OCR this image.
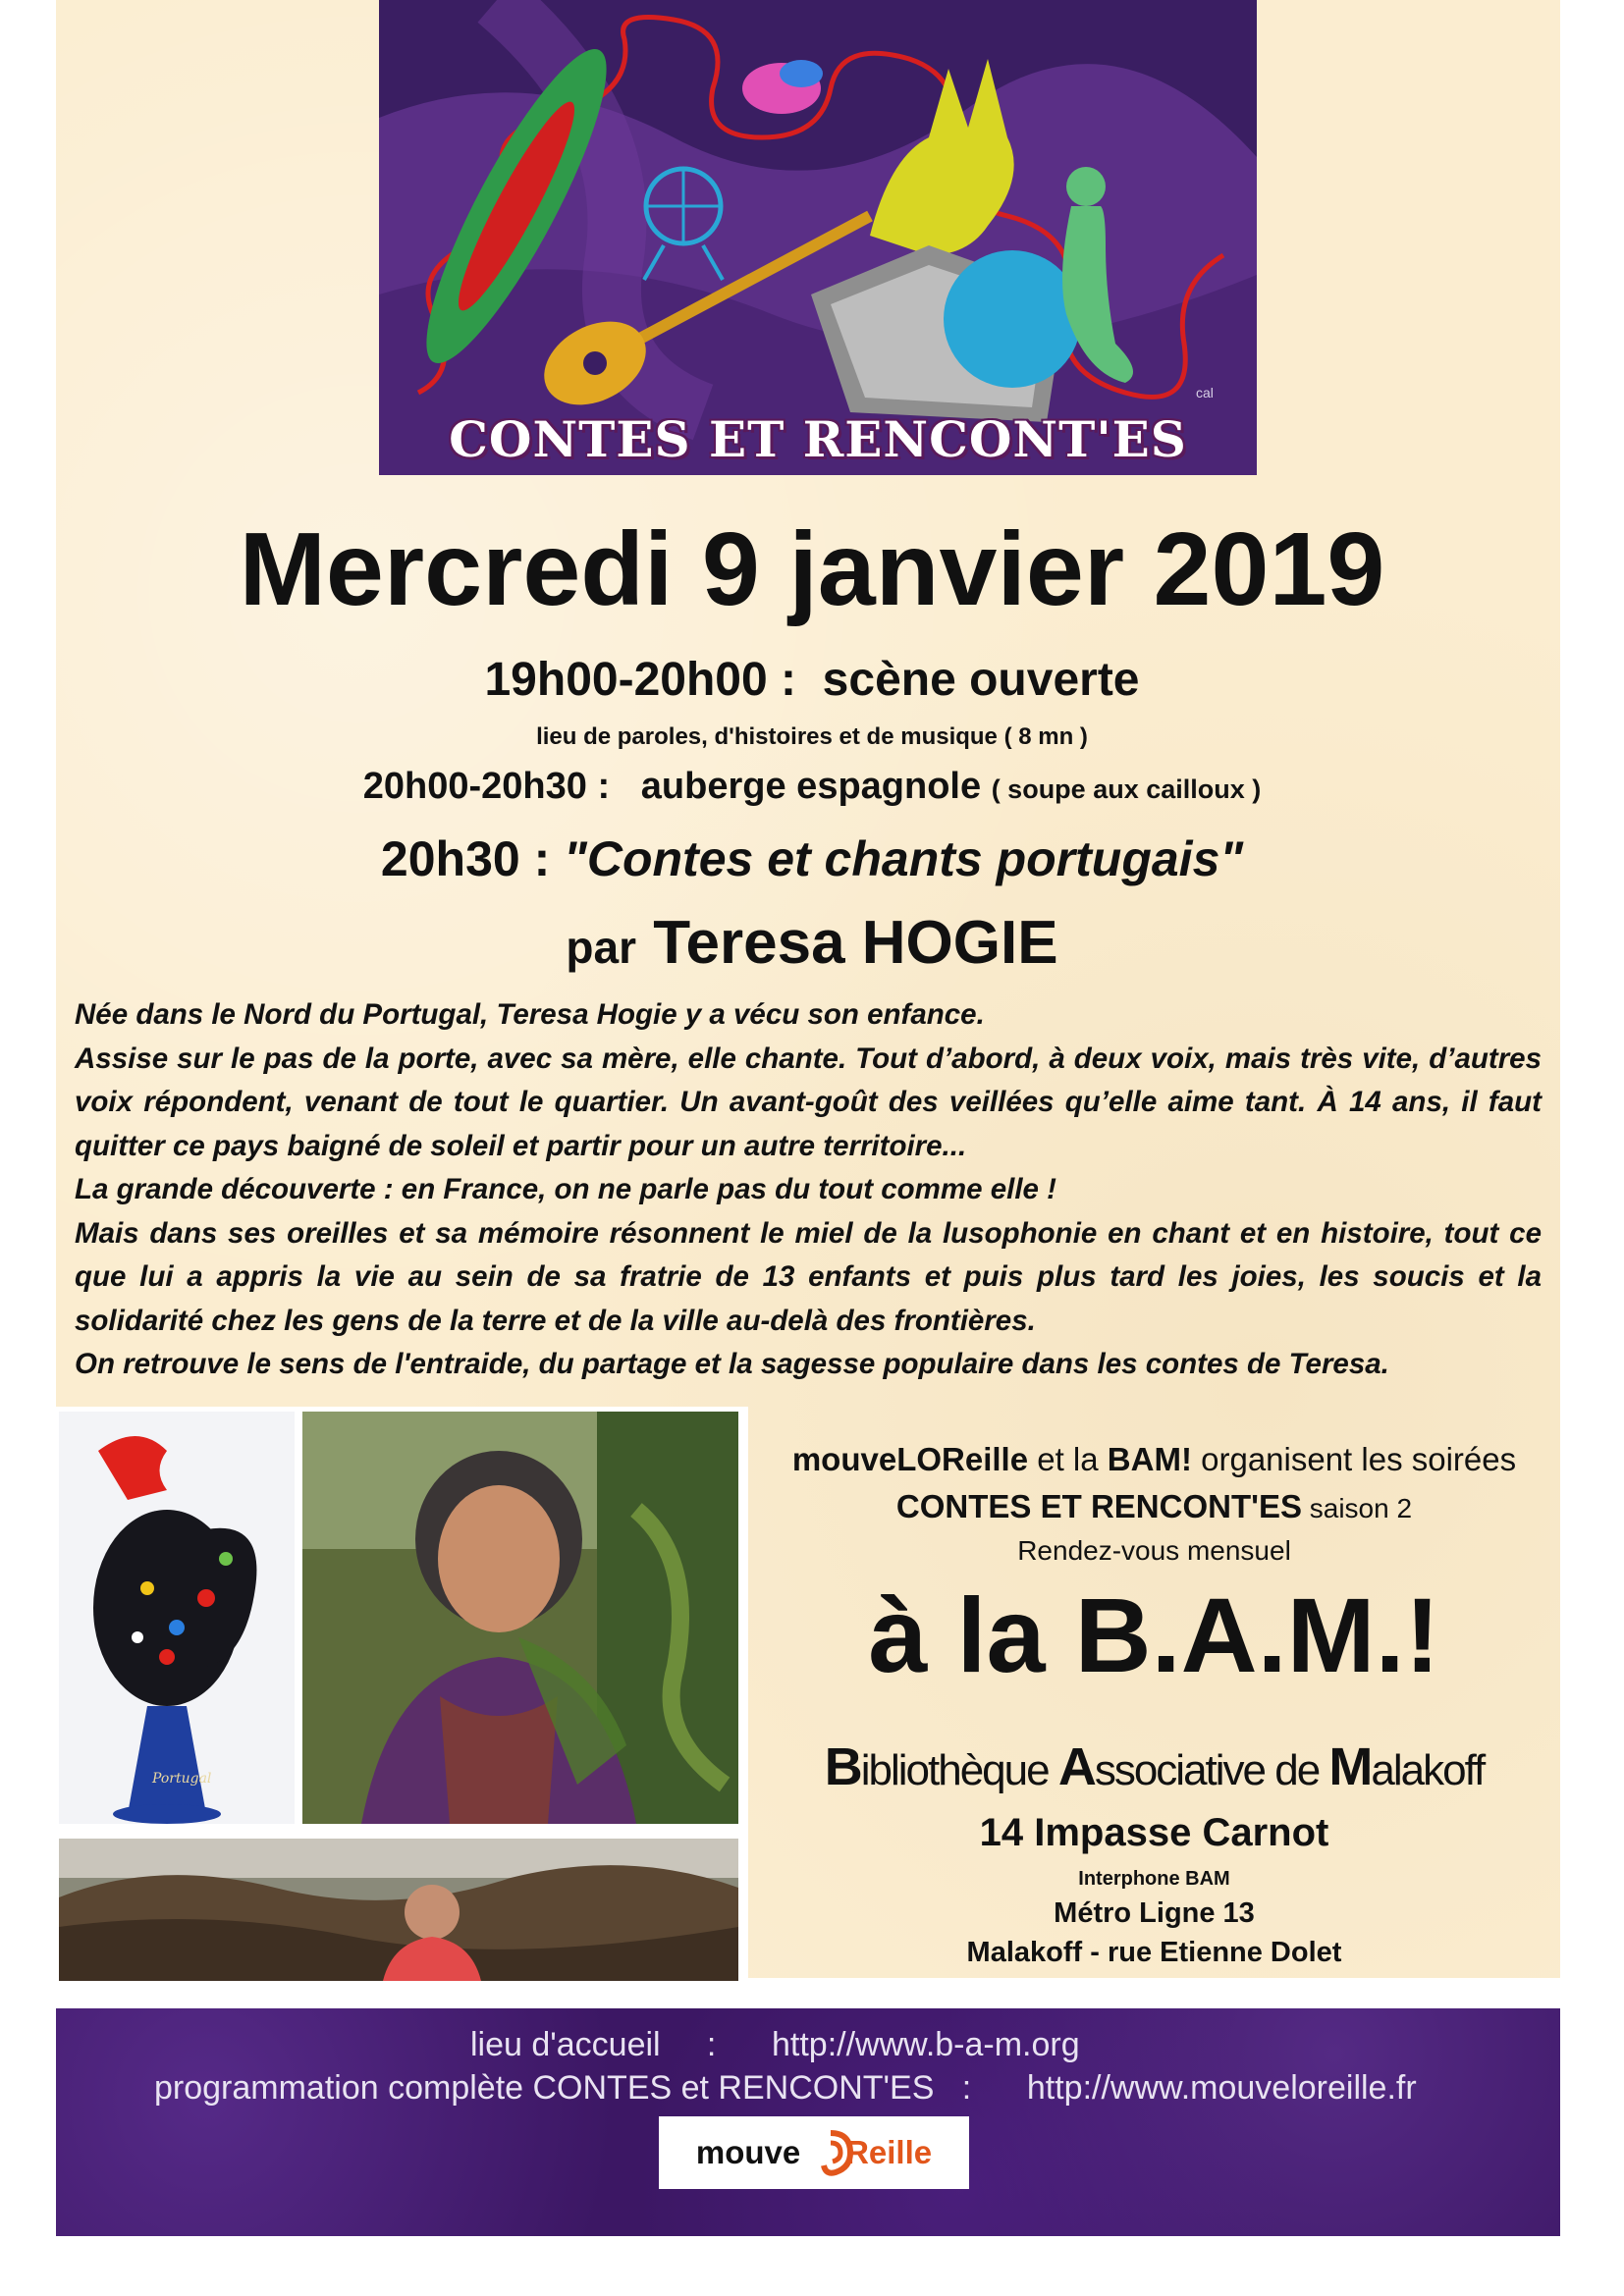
CONTES ET RENCONT'ES
cal
Mercredi 9 janvier 2019
19h00-20h00 : scène ouverte
lieu de paroles, d'histoires et de musique ( 8 mn )
20h00-20h30 : auberge espagnole ( soupe aux cailloux )
20h30 : "Contes et chants portugais"
par Teresa HOGIE

Née dans le Nord du Portugal, Teresa Hogie y a vécu son enfance.

Assise sur le pas de la porte, avec sa mère, elle chante. Tout d’abord, à deux voix, mais très vite, d’autres voix répondent, venant de tout le quartier. Un avant-goût des veillées qu’elle aime tant. À 14 ans, il faut quitter ce pays baigné de soleil et partir pour un autre territoire...

La grande découverte : en France, on ne parle pas du tout comme elle !

Mais dans ses oreilles et sa mémoire résonnent le miel de la lusophonie en chant et en histoire, tout ce que lui a appris la vie au sein de sa fratrie de 13 enfants et puis plus tard les joies, les soucis et la solidarité chez les gens de la terre et de la ville au-delà des frontières.

On retrouve le sens de l'entraide, du partage et la sagesse populaire dans les contes de Teresa.

Portugal
mouveLOReille et la BAM! organisent les soirées
CONTES ET RENCONT'ES saison 2
Rendez-vous mensuel
à la B.A.M.!
Bibliothèque Associative de Malakoff
14 Impasse Carnot
Interphone BAM
Métro Ligne 13
Malakoff - rue Etienne Dolet
lieu d'accueil : http://www.b-a-m.org
programmation complète CONTES et RENCONT'ES : http://www.mouveloreille.fr
mouve Reille
